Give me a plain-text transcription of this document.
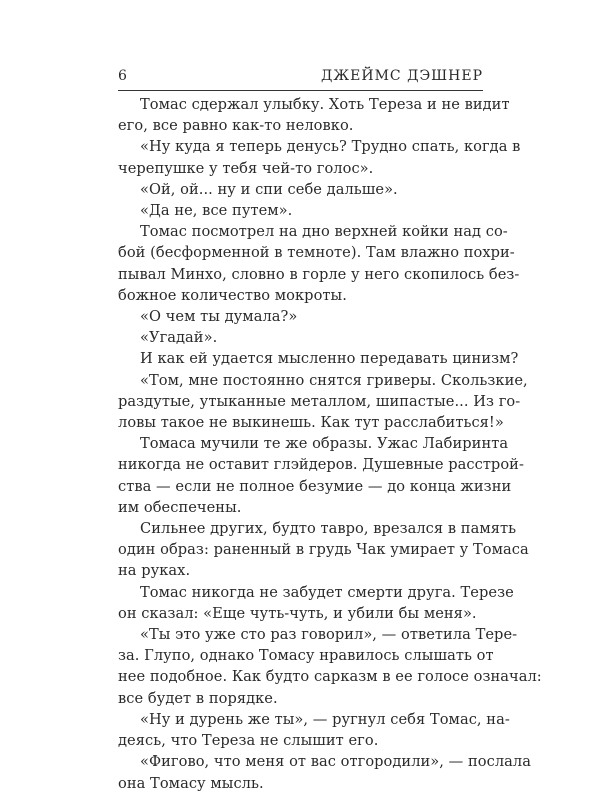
6	ДЖЕЙМС ДЭШНЕР
Томас сдержал улыбку. Хоть Тереза и не видит
его, все равно как-то неловко.
«Ну куда я теперь денусь? Трудно спать, когда в
черепушке у тебя чей-то голос».
«Ой, ой... ну и спи себе дальше».
«Да не, все путем».
Томас посмотрел на дно верхней койки над со-
бой (бесформенной в темноте). Там влажно похри-
пывал Минхо, словно в горле у него скопилось без-
божное количество мокроты.
«О чем ты думала?»
«Угадай».
И как ей удается мысленно передавать цинизм?
«Том, мне постоянно снятся гриверы. Скользкие,
раздутые, утыканные металлом, шипастые... Из го-
ловы такое не выкинешь. Как тут расслабиться!»
Томаса мучили те же образы. Ужас Лабиринта
никогда не оставит глэйдеров. Душевные расстрой-
ства — если не полное безумие — до конца жизни
им обеспечены.
Сильнее других, будто тавро, врезался в память
один образ: раненный в грудь Чак умирает у Томаса
на руках.
Томас никогда не забудет смерти друга. Терезе
он сказал: «Еще чуть-чуть, и убили бы меня».
«Ты это уже сто раз говорил», — ответила Тере-
за. Глупо, однако Томасу нравилось слышать от
нее подобное. Как будто сарказм в ее голосе означал:
все будет в порядке.
«Ну и дурень же ты», — ругнул себя Томас, на-
деясь, что Тереза не слышит его.
«Фигово, что меня от вас отгородили», — послала
она Томасу мысль.
